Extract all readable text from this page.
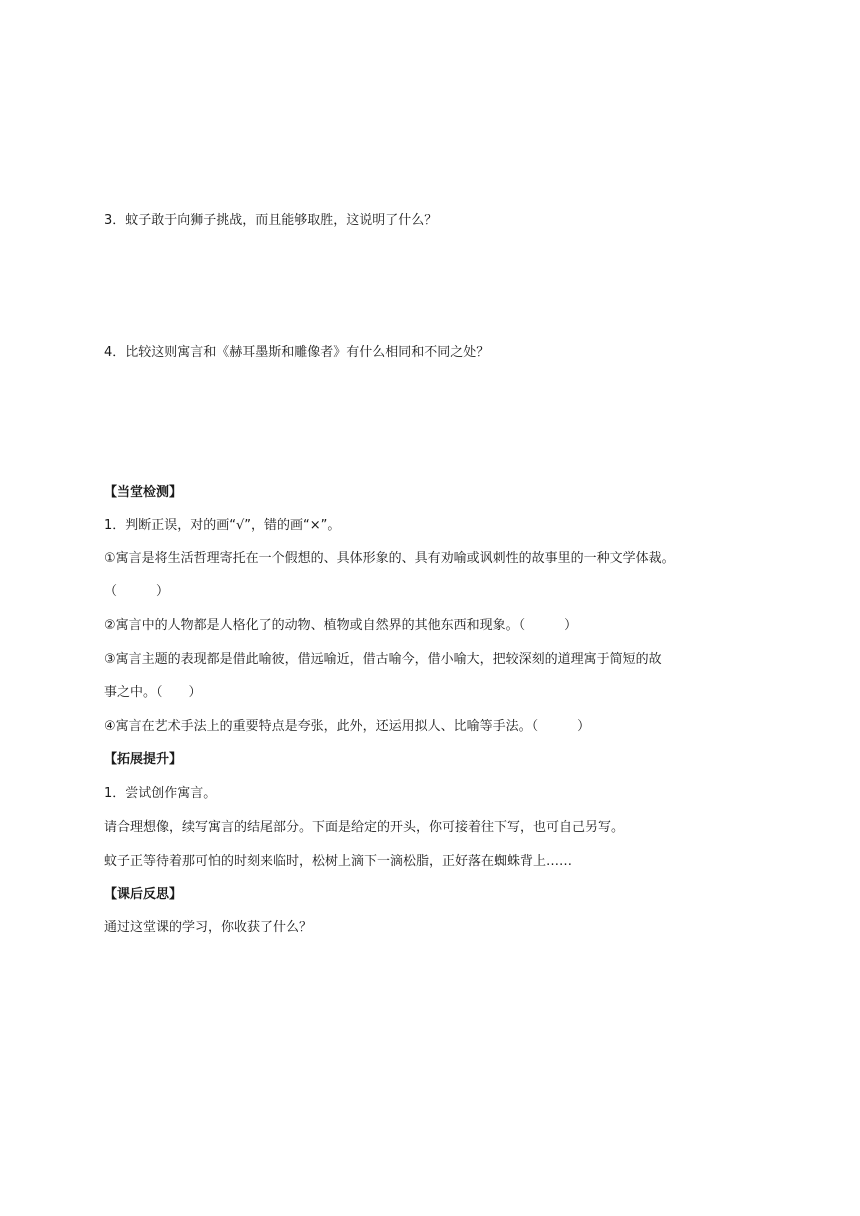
3．蚊子敢于向狮子挑战，而且能够取胜，这说明了什么？
4．比较这则寓言和《赫耳墨斯和雕像者》有什么相同和不同之处？
【当堂检测】
1．判断正误，对的画“√”，错的画“×”。
①寓言是将生活哲理寄托在一个假想的、具体形象的、具有劝喻或讽刺性的故事里的一种文学体裁。
（　　　）
②寓言中的人物都是人格化了的动物、植物或自然界的其他东西和现象。（　　　）
③寓言主题的表现都是借此喻彼，借远喻近，借古喻今，借小喻大，把较深刻的道理寓于简短的故
事之中。（　　）
④寓言在艺术手法上的重要特点是夸张，此外，还运用拟人、比喻等手法。（　　　）
【拓展提升】
1．尝试创作寓言。
请合理想像，续写寓言的结尾部分。下面是给定的开头，你可接着往下写，也可自己另写。
蚊子正等待着那可怕的时刻来临时，松树上滴下一滴松脂，正好落在蜘蛛背上……
【课后反思】
通过这堂课的学习，你收获了什么？
